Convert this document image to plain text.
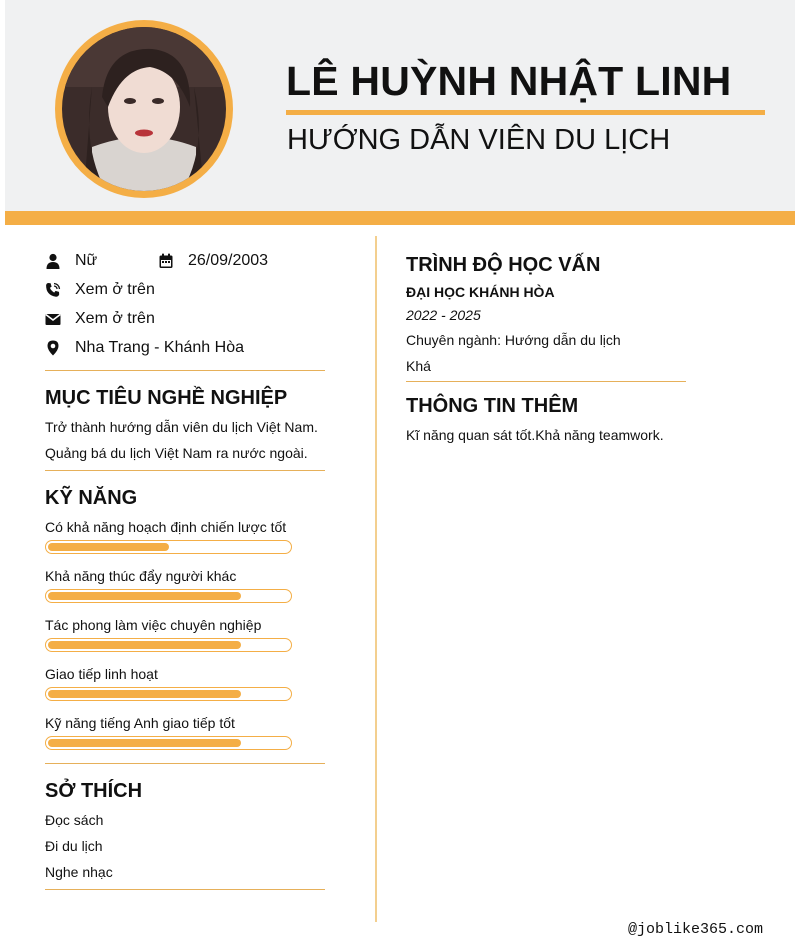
LÊ HUỲNH NHẬT LINH
HƯỚNG DẪN VIÊN DU LỊCH
Nữ	26/09/2003
Xem ở trên
Xem ở trên
Nha Trang - Khánh Hòa
MỤC TIÊU NGHỀ NGHIỆP
Trở thành hướng dẫn viên du lịch Việt Nam.
Quảng bá du lịch Việt Nam ra nước ngoài.
KỸ NĂNG
Có khả năng hoạch định chiến lược tốt
Khả năng thúc đẩy người khác
Tác phong làm việc chuyên nghiệp
Giao tiếp linh hoạt
Kỹ năng tiếng Anh giao tiếp tốt
SỞ THÍCH
Đọc sách
Đi du lịch
Nghe nhạc
TRÌNH ĐỘ HỌC VẤN
ĐẠI HỌC KHÁNH HÒA
2022 - 2025
Chuyên ngành: Hướng dẫn du lịch
Khá
THÔNG TIN THÊM
Kĩ năng quan sát tốt.Khả năng teamwork.
@joblike365.com
